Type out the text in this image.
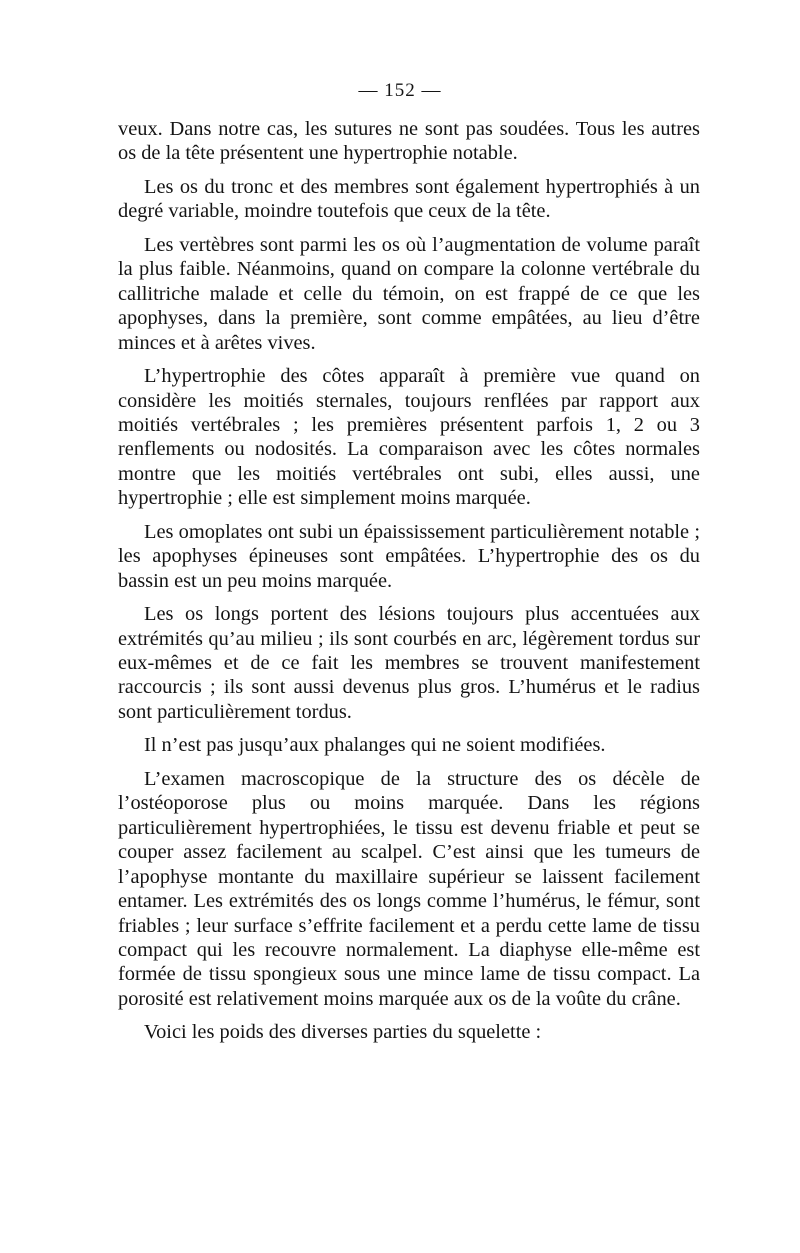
— 152 —

veux. Dans notre cas, les sutures ne sont pas soudées. Tous les autres os de la tête présentent une hypertrophie notable.

Les os du tronc et des membres sont également hypertrophiés à un degré variable, moindre toutefois que ceux de la tête.

Les vertèbres sont parmi les os où l’augmentation de volume paraît la plus faible. Néanmoins, quand on compare la colonne vertébrale du callitriche malade et celle du témoin, on est frappé de ce que les apophyses, dans la première, sont comme empâtées, au lieu d’être minces et à arêtes vives.

L’hypertrophie des côtes apparaît à première vue quand on considère les moitiés sternales, toujours renflées par rapport aux moitiés vertébrales ; les premières présentent parfois 1, 2 ou 3 renflements ou nodosités. La comparaison avec les côtes normales montre que les moitiés vertébrales ont subi, elles aussi, une hypertrophie ; elle est simplement moins marquée.

Les omoplates ont subi un épaississement particulièrement notable ; les apophyses épineuses sont empâtées. L’hypertrophie des os du bassin est un peu moins marquée.

Les os longs portent des lésions toujours plus accentuées aux extrémités qu’au milieu ; ils sont courbés en arc, légèrement tordus sur eux-mêmes et de ce fait les membres se trouvent manifestement raccourcis ; ils sont aussi devenus plus gros. L’humérus et le radius sont particulièrement tordus.

Il n’est pas jusqu’aux phalanges qui ne soient modifiées.

L’examen macroscopique de la structure des os décèle de l’ostéoporose plus ou moins marquée. Dans les régions particulièrement hypertrophiées, le tissu est devenu friable et peut se couper assez facilement au scalpel. C’est ainsi que les tumeurs de l’apophyse montante du maxillaire supérieur se laissent facilement entamer. Les extrémités des os longs comme l’humérus, le fémur, sont friables ; leur surface s’effrite facilement et a perdu cette lame de tissu compact qui les recouvre normalement. La diaphyse elle-même est formée de tissu spongieux sous une mince lame de tissu compact. La porosité est relativement moins marquée aux os de la voûte du crâne.

Voici les poids des diverses parties du squelette :
